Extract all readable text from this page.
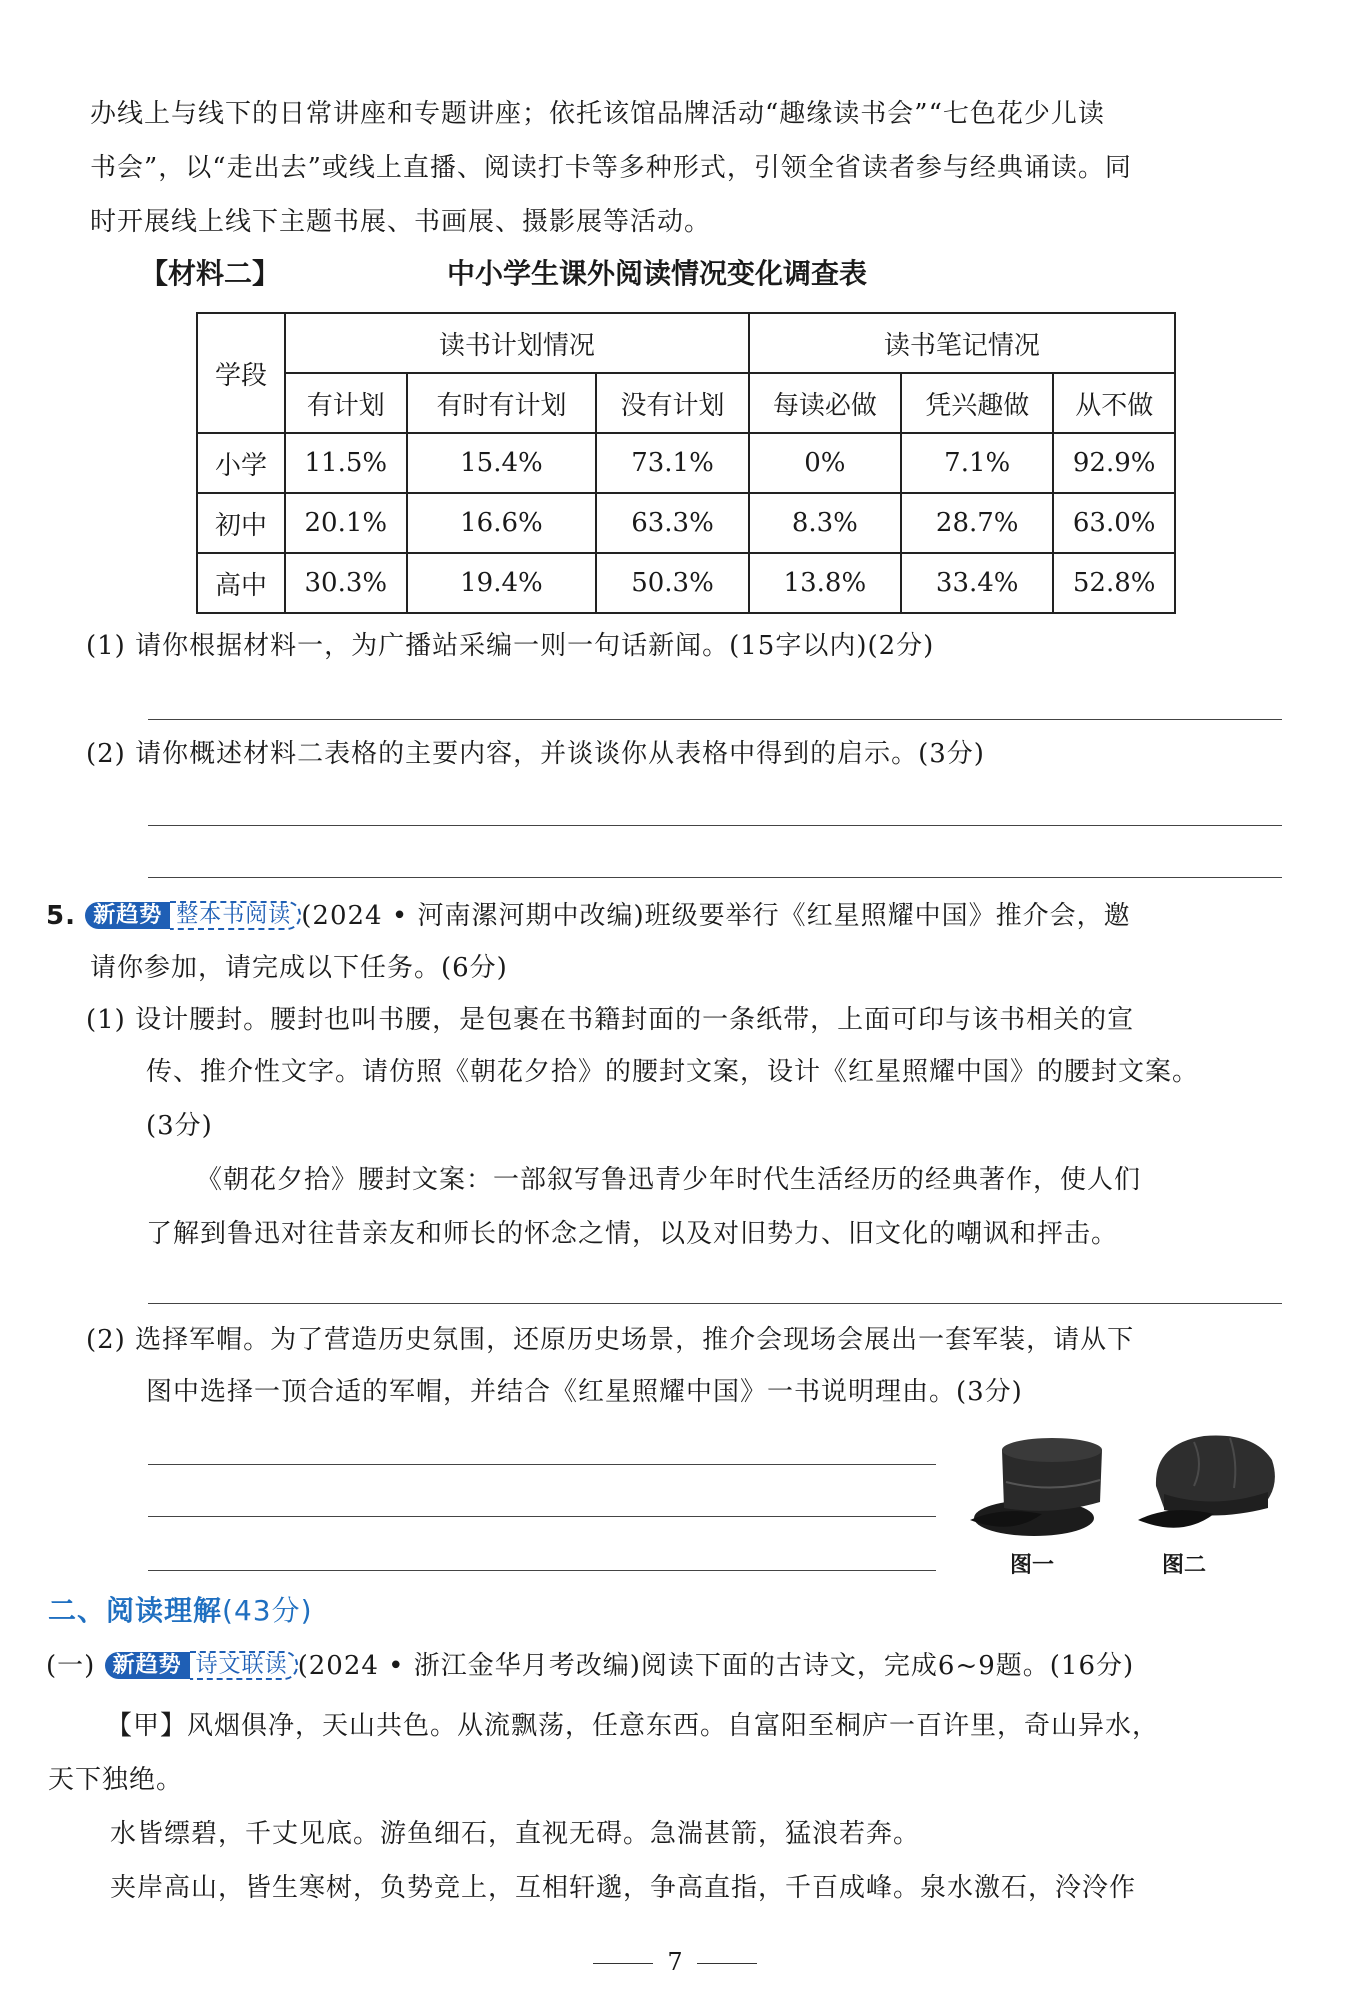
办线上与线下的日常讲座和专题讲座；依托该馆品牌活动“趣缘读书会”“七色花少儿读
书会”，以“走出去”或线上直播、阅读打卡等多种形式，引领全省读者参与经典诵读。同
时开展线上线下主题书展、书画展、摄影展等活动。
【材料二】	中小学生课外阅读情况变化调查表
学段	读书计划情况			读书笔记情况		
	有计划	有时有计划	没有计划	每读必做	凭兴趣做	从不做
小学	11.5%	15.4%	73.1%	0%	7.1%	92.9%
初中	20.1%	16.6%	63.3%	8.3%	28.7%	63.0%
高中	30.3%	19.4%	50.3%	13.8%	33.4%	52.8%
(1) 请你根据材料一，为广播站采编一则一句话新闻。(15字以内)(2分)
(2) 请你概述材料二表格的主要内容，并谈谈你从表格中得到的启示。(3分)
5. 新趋势 整本书阅读 (2024 • 河南漯河期中改编)班级要举行《红星照耀中国》推介会，邀
请你参加，请完成以下任务。(6分)
(1) 设计腰封。腰封也叫书腰，是包裹在书籍封面的一条纸带，上面可印与该书相关的宣
传、推介性文字。请仿照《朝花夕拾》的腰封文案，设计《红星照耀中国》的腰封文案。
(3分)
《朝花夕拾》腰封文案：一部叙写鲁迅青少年时代生活经历的经典著作，使人们
了解到鲁迅对往昔亲友和师长的怀念之情，以及对旧势力、旧文化的嘲讽和抨击。
(2) 选择军帽。为了营造历史氛围，还原历史场景，推介会现场会展出一套军装，请从下
图中选择一顶合适的军帽，并结合《红星照耀中国》一书说明理由。(3分)
图一	图二
二、阅读理解(43分)
(一) 新趋势 诗文联读 (2024 • 浙江金华月考改编)阅读下面的古诗文，完成6~9题。(16分)
【甲】风烟俱净，天山共色。从流飘荡，任意东西。自富阳至桐庐一百许里，奇山异水，
天下独绝。
水皆缥碧，千丈见底。游鱼细石，直视无碍。急湍甚箭，猛浪若奔。
夹岸高山，皆生寒树，负势竞上，互相轩邈，争高直指，千百成峰。泉水激石，泠泠作
7
